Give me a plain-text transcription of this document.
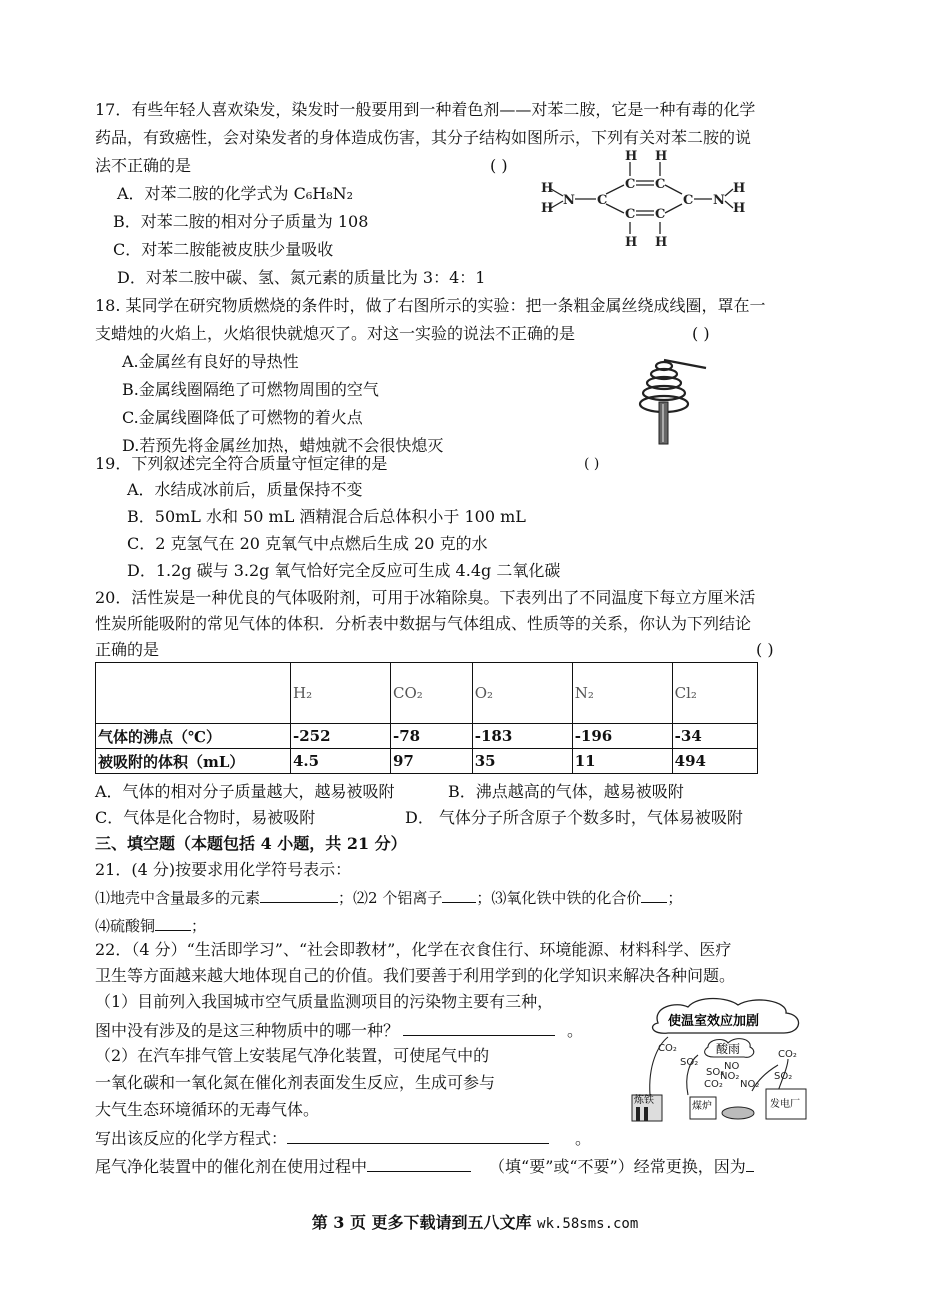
17．有些年轻人喜欢染发，染发时一般要用到一种着色剂——对苯二胺，它是一种有毒的化学
药品，有致癌性，会对染发者的身体造成伤害，其分子结构如图所示，下列有关对苯二胺的说
法不正确的是	( )
A．对苯二胺的化学式为 C₆H₈N₂
B．对苯二胺的相对分子质量为 108
C．对苯二胺能被皮肤少量吸收
D．对苯二胺中碳、氢、氮元素的质量比为 3：4：1
H
H
N C
C C
C
C C
H H
H H
N
H
H
18. 某同学在研究物质燃烧的条件时，做了右图所示的实验：把一条粗金属丝绕成线圈，罩在一
支蜡烛的火焰上，火焰很快就熄灭了。对这一实验的说法不正确的是	( )
A.金属丝有良好的导热性
B.金属线圈隔绝了可燃物周围的空气
C.金属线圈降低了可燃物的着火点
D.若预先将金属丝加热，蜡烛就不会很快熄灭
19．下列叙述完全符合质量守恒定律的是	( )
A．水结成冰前后，质量保持不变
B．50mL 水和 50 mL 酒精混合后总体积小于 100 mL
C．2 克氢气在 20 克氧气中点燃后生成 20 克的水
D．1.2g 碳与 3.2g 氧气恰好完全反应可生成 4.4g 二氧化碳
20．活性炭是一种优良的气体吸附剂，可用于冰箱除臭。下表列出了不同温度下每立方厘米活
性炭所能吸附的常见气体的体积．分析表中数据与气体组成、性质等的关系，你认为下列结论
正确的是	( )
	H₂	CO₂	O₂	N₂	Cl₂
气体的沸点（℃）	-252	-78	-183	-196	-34
被吸附的体积（mL）	4.5	97	35	11	494
A．气体的相对分子质量越大，越易被吸附	B．沸点越高的气体，越易被吸附
C．气体是化合物时，易被吸附	D． 气体分子所含原子个数多时，气体易被吸附
三、填空题（本题包括 4 小题，共 21 分）
21．(4 分)按要求用化学符号表示：
⑴地壳中含量最多的元素	；⑵2 个铝离子 ；⑶氧化铁中铁的化合价 ；
⑷硫酸铜 ；
22．（4 分）“生活即学习”、“社会即教材”，化学在衣食住行、环境能源、材料科学、医疗
卫生等方面越来越大地体现自己的价值。我们要善于利用学到的化学知识来解决各种问题。
（1）目前列入我国城市空气质量监测项目的污染物主要有三种，
图中没有涉及的是这三种物质中的哪一种？	。
（2）在汽车排气管上安装尾气净化装置，可使尾气中的
一氧化碳和一氧化氮在催化剂表面发生反应，生成可参与
大气生态环境循环的无毒气体。
写出该反应的化学方程式：	。
尾气净化装置中的催化剂在使用过程中	（填“要”或“不要”）经常更换，因为
使温室效应加剧
酸雨
CO₂
CO₂
SO₂
SO₂
NO
NO₂
SO₃
CO₂ NO₂
炼铁
煤炉	发电厂
第 3 页 更多下载请到五八文库 wk.58sms.com
